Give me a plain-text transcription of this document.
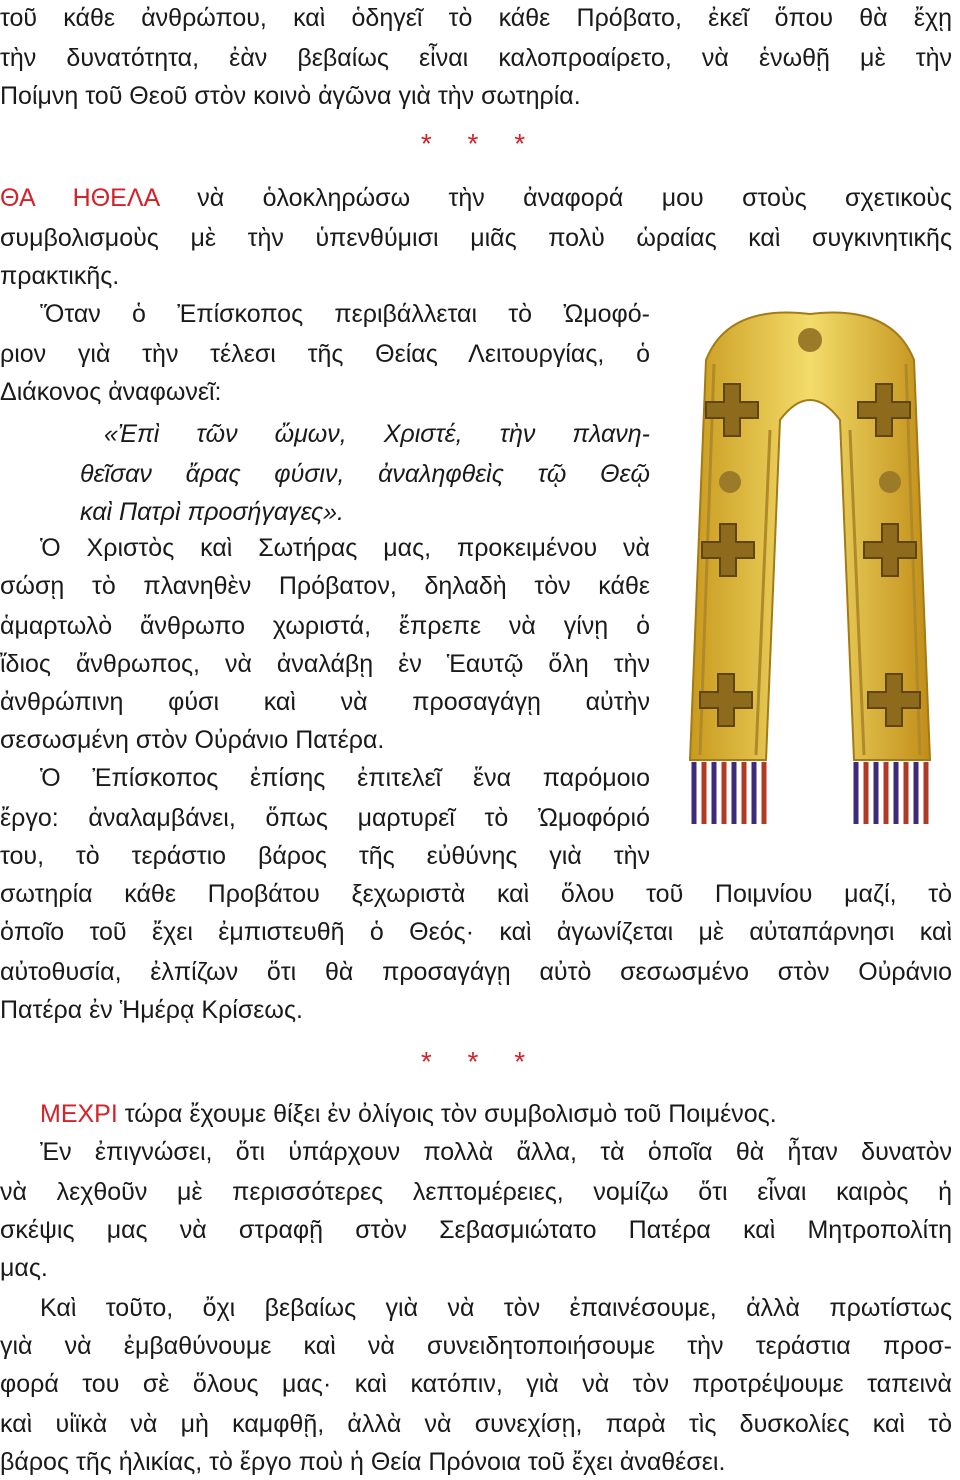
τοῦ κάθε ἀνθρώπου, καὶ ὁδηγεῖ τὸ κάθε Πρόβατο, ἐκεῖ ὅπου θὰ ἔχῃ
τὴν δυνατότητα, ἐὰν βεβαίως εἶναι καλοπροαίρετο, νὰ ἑνωθῇ μὲ τὴν
Ποίμνη τοῦ Θεοῦ στὸν κοινὸ ἀγῶνα γιὰ τὴν σωτηρία.
* * *
ΘΑ ΗΘΕΛΑ νὰ ὁλοκληρώσω τὴν ἀναφορά μου στοὺς σχετικοὺς
συμβολισμοὺς μὲ τὴν ὑπενθύμισι μιᾶς πολὺ ὡραίας καὶ συγκινητικῆς
πρακτικῆς.
Ὅταν ὁ Ἐπίσκοπος περιβάλλεται τὸ Ὠμοφό-
ριον γιὰ τὴν τέλεσι τῆς Θείας Λειτουργίας, ὁ
Διάκονος ἀναφωνεῖ:
«Ἐπὶ τῶν ὤμων, Χριστέ, τὴν πλανη-
θεῖσαν ἄρας φύσιν, ἀναληφθεὶς τῷ Θεῷ
καὶ Πατρὶ προσήγαγες».
Ὁ Χριστὸς καὶ Σωτήρας μας, προκειμένου νὰ
σώσῃ τὸ πλανηθὲν Πρόβατον, δηλαδὴ τὸν κάθε
ἁμαρτωλὸ ἄνθρωπο χωριστά, ἔπρεπε νὰ γίνῃ ὁ
ἴδιος ἄνθρωπος, νὰ ἀναλάβῃ ἐν Ἑαυτῷ ὅλη τὴν
ἀνθρώπινη φύσι καὶ νὰ προσαγάγῃ αὐτὴν
σεσωσμένη στὸν Οὐράνιο Πατέρα.
Ὁ Ἐπίσκοπος ἐπίσης ἐπιτελεῖ ἕνα παρόμοιο
ἔργο: ἀναλαμβάνει, ὅπως μαρτυρεῖ τὸ Ὠμοφόριό
του, τὸ τεράστιο βάρος τῆς εὐθύνης γιὰ τὴν
σωτηρία κάθε Προβάτου ξεχωριστὰ καὶ ὅλου τοῦ Ποιμνίου μαζί, τὸ
ὁποῖο τοῦ ἔχει ἐμπιστευθῆ ὁ Θεός· καὶ ἀγωνίζεται μὲ αὐταπάρνησι καὶ
αὐτοθυσία, ἐλπίζων ὅτι θὰ προσαγάγῃ αὐτὸ σεσωσμένο στὸν Οὐράνιο
Πατέρα ἐν Ἡμέρᾳ Κρίσεως.
* * *
ΜΕΧΡΙ τώρα ἔχουμε θίξει ἐν ὀλίγοις τὸν συμβολισμὸ τοῦ Ποιμένος.
Ἐν ἐπιγνώσει, ὅτι ὑπάρχουν πολλὰ ἄλλα, τὰ ὁποῖα θὰ ἦταν δυνατὸν
νὰ λεχθοῦν μὲ περισσότερες λεπτομέρειες, νομίζω ὅτι εἶναι καιρὸς ἡ
σκέψις μας νὰ στραφῇ στὸν Σεβασμιώτατο Πατέρα καὶ Μητροπολίτη
μας.
Καὶ τοῦτο, ὄχι βεβαίως γιὰ νὰ τὸν ἐπαινέσουμε, ἀλλὰ πρωτίστως
γιὰ νὰ ἐμβαθύνουμε καὶ νὰ συνειδητοποιήσουμε τὴν τεράστια προσ-
φορά του σὲ ὅλους μας· καὶ κατόπιν, γιὰ νὰ τὸν προτρέψουμε ταπεινὰ
καὶ υἱϊκὰ νὰ μὴ καμφθῇ, ἀλλὰ νὰ συνεχίσῃ, παρὰ τὶς δυσκολίες καὶ τὸ
βάρος τῆς ἡλικίας, τὸ ἔργο ποὺ ἡ Θεία Πρόνοια τοῦ ἔχει ἀναθέσει.
